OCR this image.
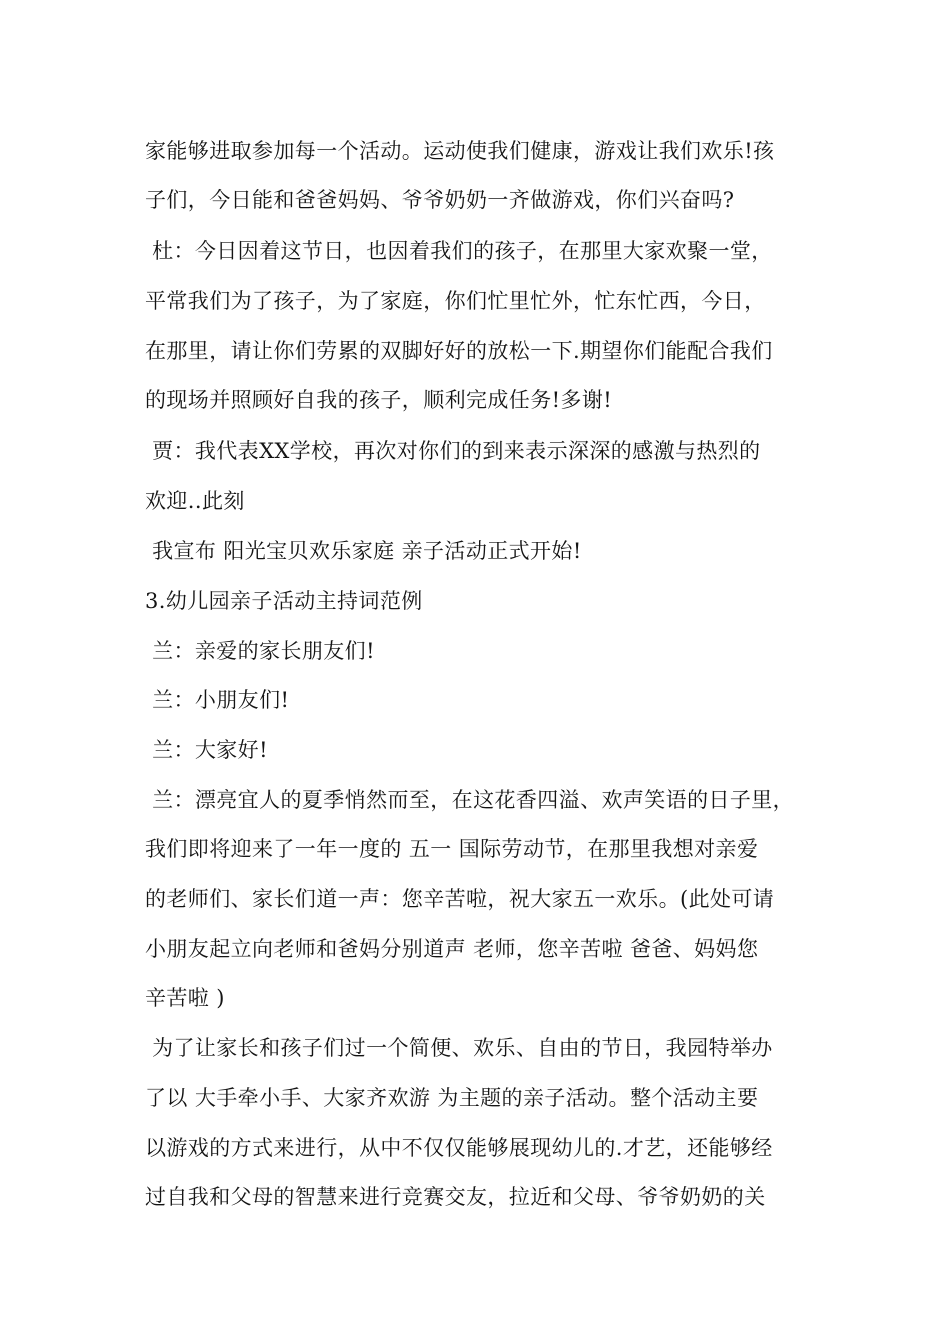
家能够进取参加每一个活动。运动使我们健康，游戏让我们欢乐!孩
子们，今日能和爸爸妈妈、爷爷奶奶一齐做游戏，你们兴奋吗?
杜：今日因着这节日，也因着我们的孩子，在那里大家欢聚一堂，
平常我们为了孩子，为了家庭，你们忙里忙外，忙东忙西，今日，
在那里，请让你们劳累的双脚好好的放松一下.期望你们能配合我们
的现场并照顾好自我的孩子，顺利完成任务!多谢!
贾：我代表XX学校，再次对你们的到来表示深深的感激与热烈的
欢迎..此刻
我宣布 阳光宝贝欢乐家庭 亲子活动正式开始!
3.幼儿园亲子活动主持词范例
兰：亲爱的家长朋友们!
兰：小朋友们!
兰：大家好!
兰：漂亮宜人的夏季悄然而至，在这花香四溢、欢声笑语的日子里，
我们即将迎来了一年一度的 五一 国际劳动节，在那里我想对亲爱
的老师们、家长们道一声：您辛苦啦，祝大家五一欢乐。(此处可请
小朋友起立向老师和爸妈分别道声 老师，您辛苦啦 爸爸、妈妈您
辛苦啦 )
为了让家长和孩子们过一个简便、欢乐、自由的节日，我园特举办
了以 大手牵小手、大家齐欢游 为主题的亲子活动。整个活动主要
以游戏的方式来进行，从中不仅仅能够展现幼儿的.才艺，还能够经
过自我和父母的智慧来进行竞赛交友，拉近和父母、爷爷奶奶的关
